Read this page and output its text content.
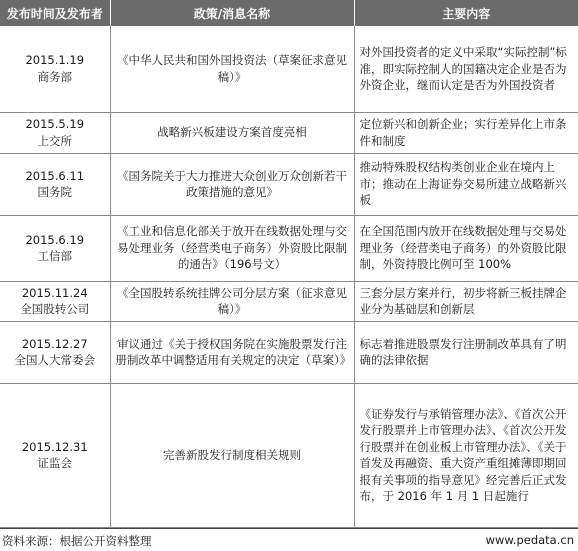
发布时间及发布者	政策/消息名称	主要内容

2015.1.19
商务部	《中华人民共和国外国投资法（草案征求意见稿）》	对外国投资者的定义中采取“实际控制”标准，即实际控制人的国籍决定企业是否为外资企业，继而认定是否为外国投资者

2015.5.19
上交所	战略新兴板建设方案首度亮相	定位新兴和创新企业；实行差异化上市条件和制度

2015.6.11
国务院	《国务院关于大力推进大众创业万众创新若干政策措施的意见》	推动特殊股权结构类创业企业在境内上市；推动在上海证券交易所建立战略新兴板

2015.6.19
工信部	《工业和信息化部关于放开在线数据处理与交易处理业务（经营类电子商务）外资股比限制的通告》（196号文）	在全国范围内放开在线数据处理与交易处理业务（经营类电子商务）的外资股比限制，外资持股比例可至 100%

2015.11.24
全国股转公司	《全国股转系统挂牌公司分层方案（征求意见稿）》	三套分层方案并行，初步将新三板挂牌企业分为基础层和创新层

2015.12.27
全国人大常委会	审议通过《关于授权国务院在实施股票发行注册制改革中调整适用有关规定的决定（草案）》	标志着推进股票发行注册制改革具有了明确的法律依据

2015.12.31
证监会	完善新股发行制度相关规则	《证券发行与承销管理办法》、《首次公开发行股票并上市管理办法》、《首次公开发行股票并在创业板上市管理办法》、《关于首发及再融资、重大资产重组摊薄即期回报有关事项的指导意见》经完善后正式发布，于 2016 年 1 月 1 日起施行
资料来源：根据公开资料整理	www.pedata.cn
